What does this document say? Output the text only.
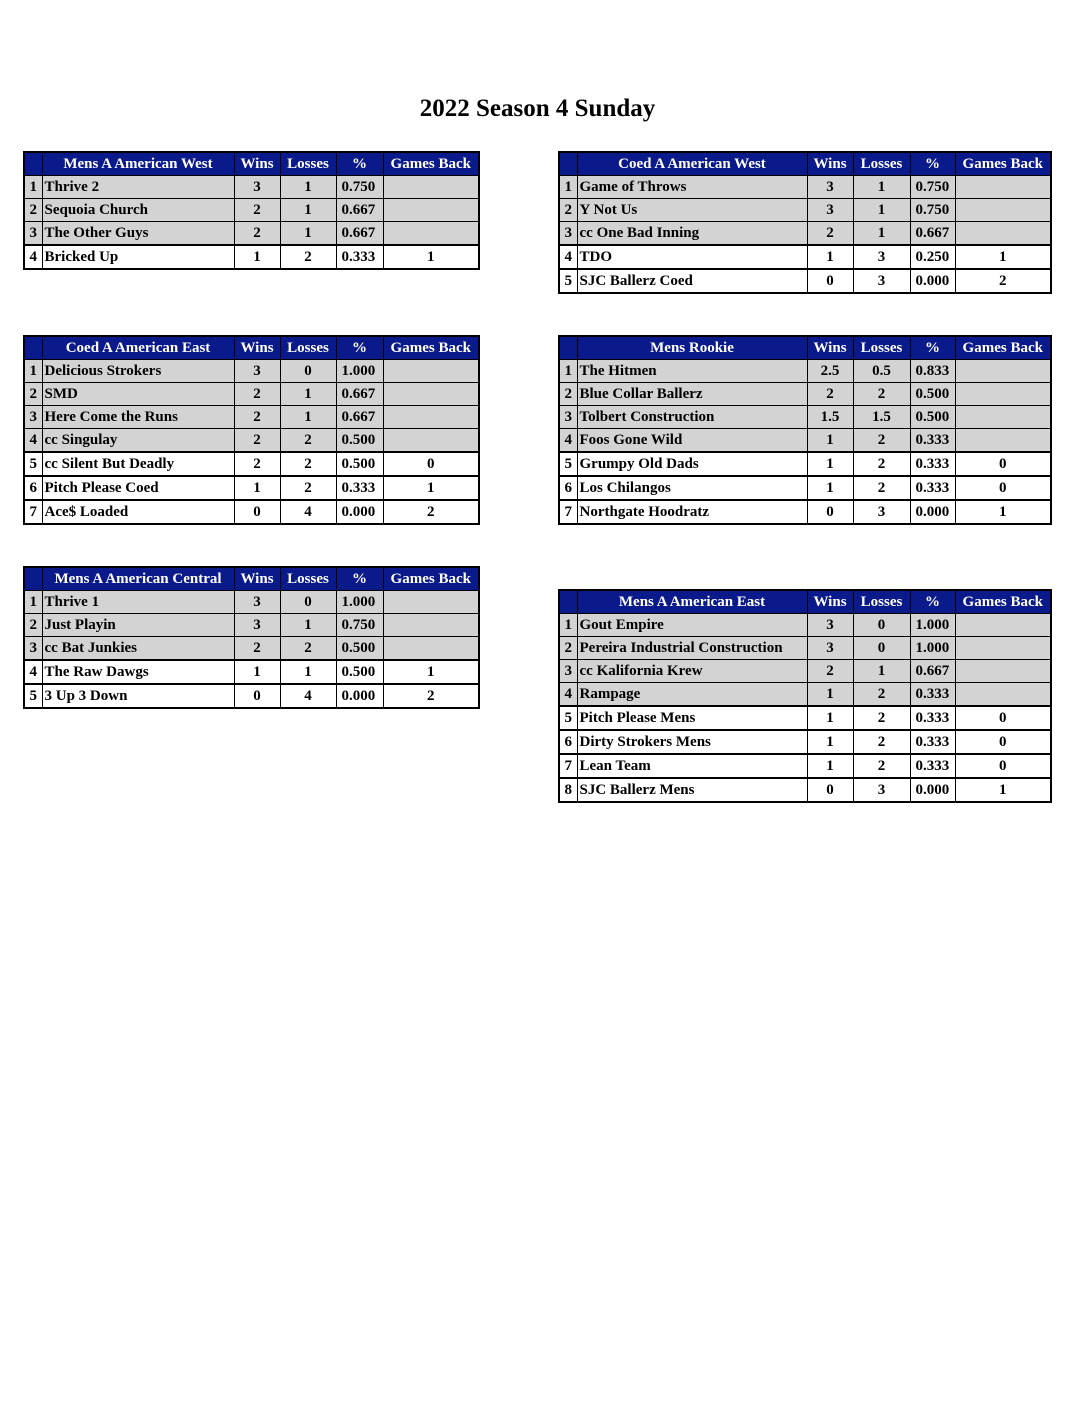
2022 Season 4 Sunday
	Mens A American West	Wins	Losses	%	Games Back
1	Thrive 2	3	1	0.750	
2	Sequoia Church	2	1	0.667	
3	The Other Guys	2	1	0.667	
4	Bricked Up	1	2	0.333	1
	Coed A American East	Wins	Losses	%	Games Back
1	Delicious Strokers	3	0	1.000	
2	SMD	2	1	0.667	
3	Here Come the Runs	2	1	0.667	
4	cc Singulay	2	2	0.500	
5	cc Silent But Deadly	2	2	0.500	0
6	Pitch Please Coed	1	2	0.333	1
7	Ace$ Loaded	0	4	0.000	2
	Mens A American Central	Wins	Losses	%	Games Back
1	Thrive 1	3	0	1.000	
2	Just Playin	3	1	0.750	
3	cc Bat Junkies	2	2	0.500	
4	The Raw Dawgs	1	1	0.500	1
5	3 Up 3 Down	0	4	0.000	2
	Coed A American West	Wins	Losses	%	Games Back
1	Game of Throws	3	1	0.750	
2	Y Not Us	3	1	0.750	
3	cc One Bad Inning	2	1	0.667	
4	TDO	1	3	0.250	1
5	SJC Ballerz Coed	0	3	0.000	2
	Mens Rookie	Wins	Losses	%	Games Back
1	The Hitmen	2.5	0.5	0.833	
2	Blue Collar Ballerz	2	2	0.500	
3	Tolbert Construction	1.5	1.5	0.500	
4	Foos Gone Wild	1	2	0.333	
5	Grumpy Old Dads	1	2	0.333	0
6	Los Chilangos	1	2	0.333	0
7	Northgate Hoodratz	0	3	0.000	1
	Mens A American East	Wins	Losses	%	Games Back
1	Gout Empire	3	0	1.000	
2	Pereira Industrial Construction	3	0	1.000	
3	cc Kalifornia Krew	2	1	0.667	
4	Rampage	1	2	0.333	
5	Pitch Please Mens	1	2	0.333	0
6	Dirty Strokers Mens	1	2	0.333	0
7	Lean Team	1	2	0.333	0
8	SJC Ballerz Mens	0	3	0.000	1
